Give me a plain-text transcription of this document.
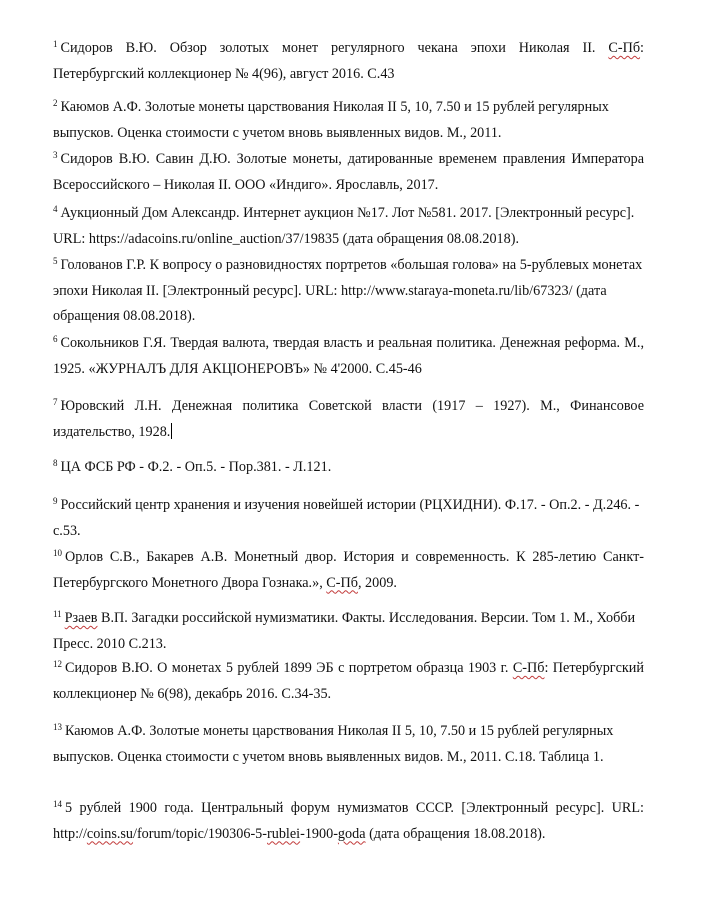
$^1$ Сидоров В.Ю. Обзор золотых монет регулярного чекана эпохи Николая II. С-Пб: Петербургский коллекционер № 4(96), август 2016. С.43

$^2$ Каюмов А.Ф. Золотые монеты царствования Николая II 5, 10, 7.50 и 15 рублей регулярных выпусков. Оценка стоимости с учетом вновь выявленных видов. М., 2011.

$^3$ Сидоров В.Ю. Савин Д.Ю. Золотые монеты, датированные временем правления Императора Всероссийского – Николая II. ООО «Индиго». Ярославль, 2017.

$^4$ Аукционный Дом Александр. Интернет аукцион №17. Лот №581. 2017. [Электронный ресурс]. URL: https://adacoins.ru/online_auction/37/19835 (дата обращения 08.08.2018).

$^5$ Голованов Г.Р. К вопросу о разновидностях портретов «большая голова» на 5-рублевых монетах эпохи Николая II. [Электронный ресурс]. URL: http://www.staraya-moneta.ru/lib/67323/ (дата обращения 08.08.2018).

$^6$ Сокольников Г.Я. Твердая валюта, твердая власть и реальная политика. Денежная реформа. М., 1925. «ЖУРНАЛЪ ДЛЯ АКЦIОНЕРОВЪ» № 4'2000. С.45-46

$^7$ Юровский Л.Н. Денежная политика Советской власти (1917 – 1927). М., Финансовое издательство, 1928.

$^8$ ЦА ФСБ РФ - Ф.2. - Оп.5. - Пор.381. - Л.121.

$^9$ Российский центр хранения и изучения новейшей истории (РЦХИДНИ). Ф.17. - Оп.2. - Д.246. - с.53.

$^{10}$ Орлов С.В., Бакарев А.В. Монетный двор. История и современность. К 285-летию Санкт-Петербургского Монетного Двора Гознака.», С-Пб, 2009.

$^{11}$ Рзаев В.П. Загадки российской нумизматики. Факты. Исследования. Версии. Том 1. М., Хобби Пресс. 2010 С.213.

$^{12}$ Сидоров В.Ю. О монетах 5 рублей 1899 ЭБ с портретом образца 1903 г. С-Пб: Петербургский коллекционер № 6(98), декабрь 2016. С.34-35.

$^{13}$ Каюмов А.Ф. Золотые монеты царствования Николая II 5, 10, 7.50 и 15 рублей регулярных выпусков. Оценка стоимости с учетом вновь выявленных видов. М., 2011. С.18. Таблица 1.

$^{14}$ 5 рублей 1900 года. Центральный форум нумизматов СССР. [Электронный ресурс]. URL: http://coins.su/forum/topic/190306-5-rublei-1900-goda (дата обращения 18.08.2018).
